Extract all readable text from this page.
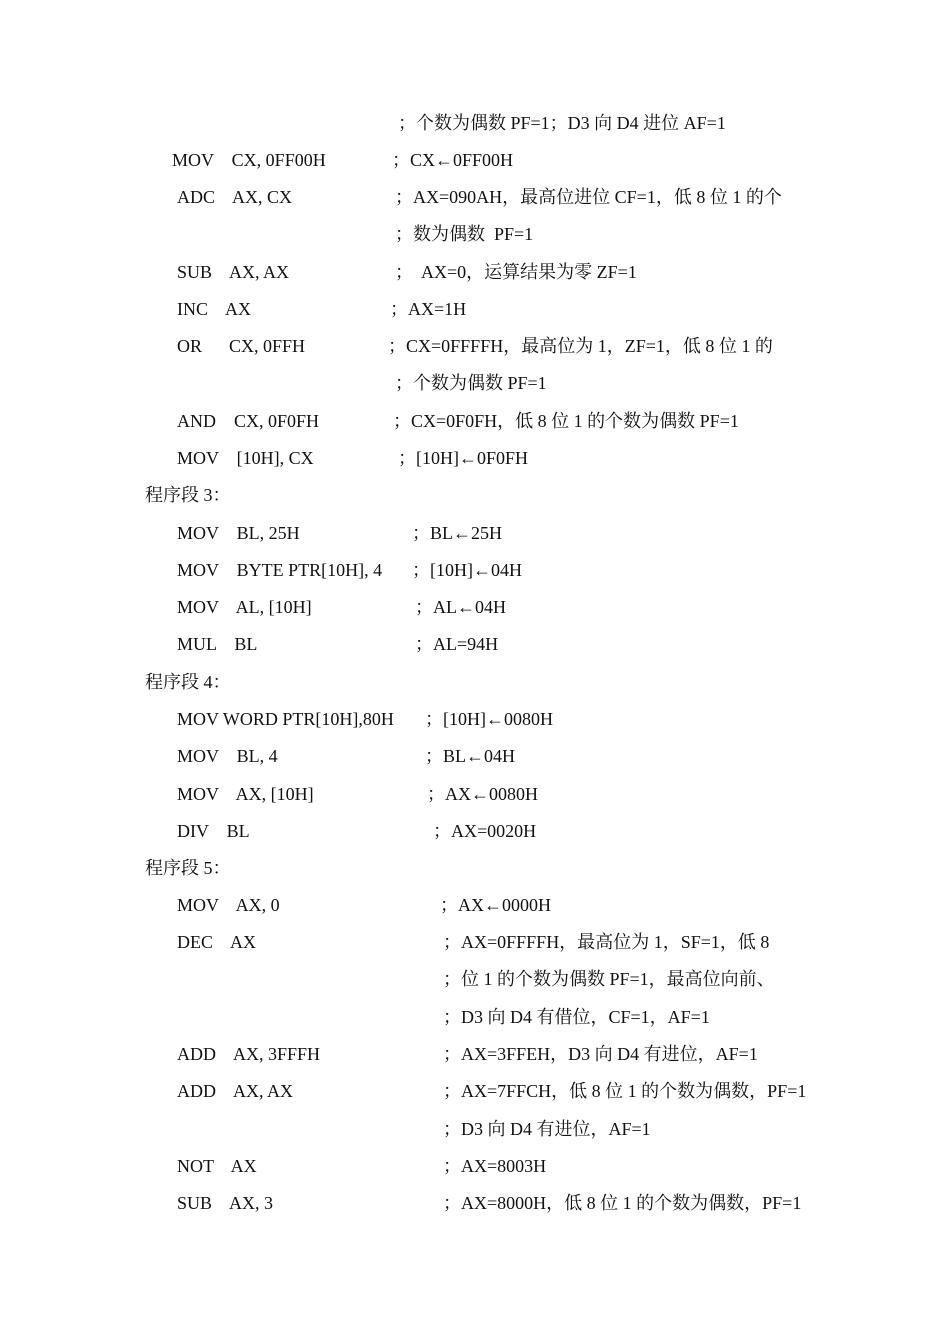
；个数为偶数 PF=1；D3 向 D4 进位 AF=1
MOV    CX, 0FF00H	；CX←0FF00H
ADC    AX, CX	；AX=090AH，最高位进位 CF=1，低 8 位 1 的个
；数为偶数  PF=1
SUB    AX, AX	；  AX=0，运算结果为零 ZF=1
INC    AX	；AX=1H
OR      CX, 0FFH	；CX=0FFFFH，最高位为 1，ZF=1，低 8 位 1 的
；个数为偶数 PF=1
AND    CX, 0F0FH	；CX=0F0FH，低 8 位 1 的个数为偶数 PF=1
MOV    [10H], CX	；[10H]←0F0FH
程序段 3：
MOV    BL, 25H	；BL←25H
MOV    BYTE PTR[10H], 4 ；[10H]←04H
MOV    AL, [10H]	；AL←04H
MUL    BL	；AL=94H
程序段 4：
MOV WORD PTR[10H],80H ；[10H]←0080H
MOV    BL, 4	；BL←04H
MOV    AX, [10H]	；AX←0080H
DIV    BL	；AX=0020H
程序段 5：
MOV    AX, 0	；AX←0000H
DEC    AX	；AX=0FFFFH，最高位为 1，SF=1，低 8
；位 1 的个数为偶数 PF=1，最高位向前、
；D3 向 D4 有借位，CF=1，AF=1
ADD    AX, 3FFFH	；AX=3FFEH，D3 向 D4 有进位，AF=1
ADD    AX, AX	；AX=7FFCH，低 8 位 1 的个数为偶数，PF=1
；D3 向 D4 有进位，AF=1
NOT    AX	；AX=8003H
SUB    AX, 3	；AX=8000H，低 8 位 1 的个数为偶数，PF=1
